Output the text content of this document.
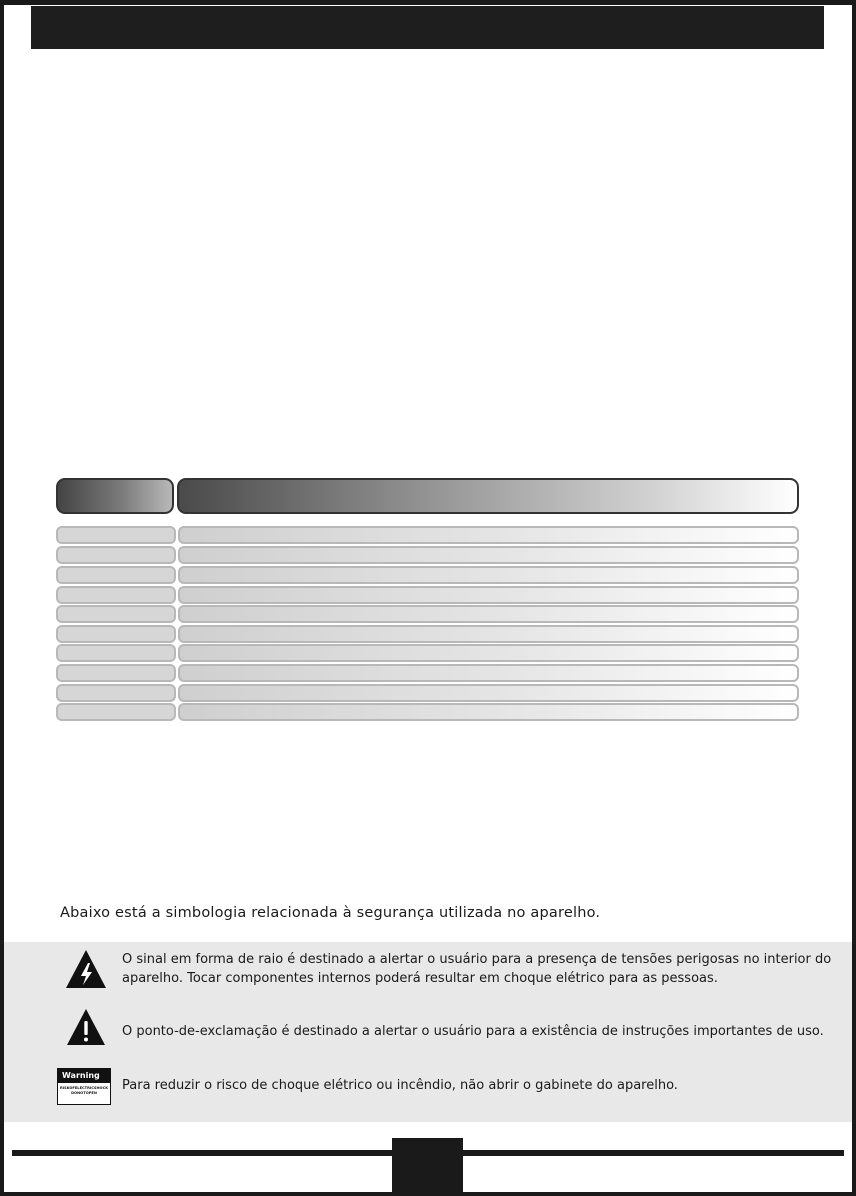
Abaixo está a simbologia relacionada à segurança utilizada no aparelho.
O sinal em forma de raio é destinado a alertar o usuário para a presença de tensões perigosas no interior do
aparelho. Tocar componentes internos poderá resultar em choque elétrico para as pessoas.
O ponto-de-exclamação é destinado a alertar o usuário para a existência de instruções importantes de uso.
Warning
RISKOFELECTRICSHOCK
DONOTOPEN	Para reduzir o risco de choque elétrico ou incêndio, não abrir o gabinete do aparelho.
